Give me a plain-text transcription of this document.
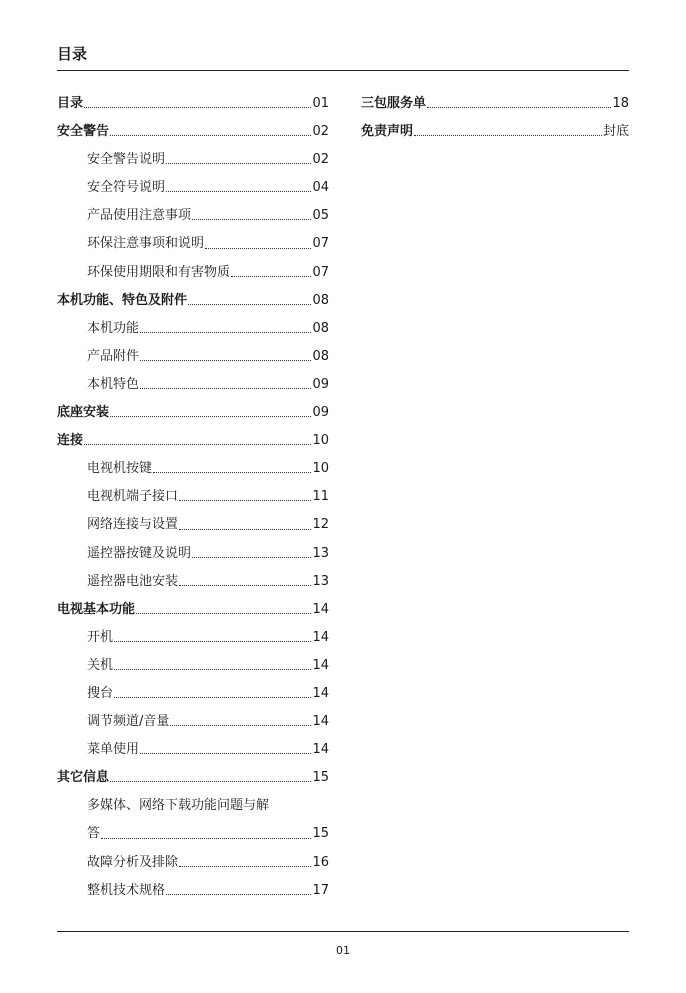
目录
目录	01
安全警告	02
安全警告说明	02
安全符号说明	04
产品使用注意事项	05
环保注意事项和说明	07
环保使用期限和有害物质	07
本机功能、特色及附件	08
本机功能	08
产品附件	08
本机特色	09
底座安装	09
连接	10
电视机按键	10
电视机端子接口	11
网络连接与设置	12
遥控器按键及说明	13
遥控器电池安装	13
电视基本功能	14
开机	14
关机	14
搜台	14
调节频道/音量	14
菜单使用	14
其它信息	15
多媒体、网络下载功能问题与解
答	15
故障分析及排除	16
整机技术规格	17
三包服务单	18
免责声明	封底
01
